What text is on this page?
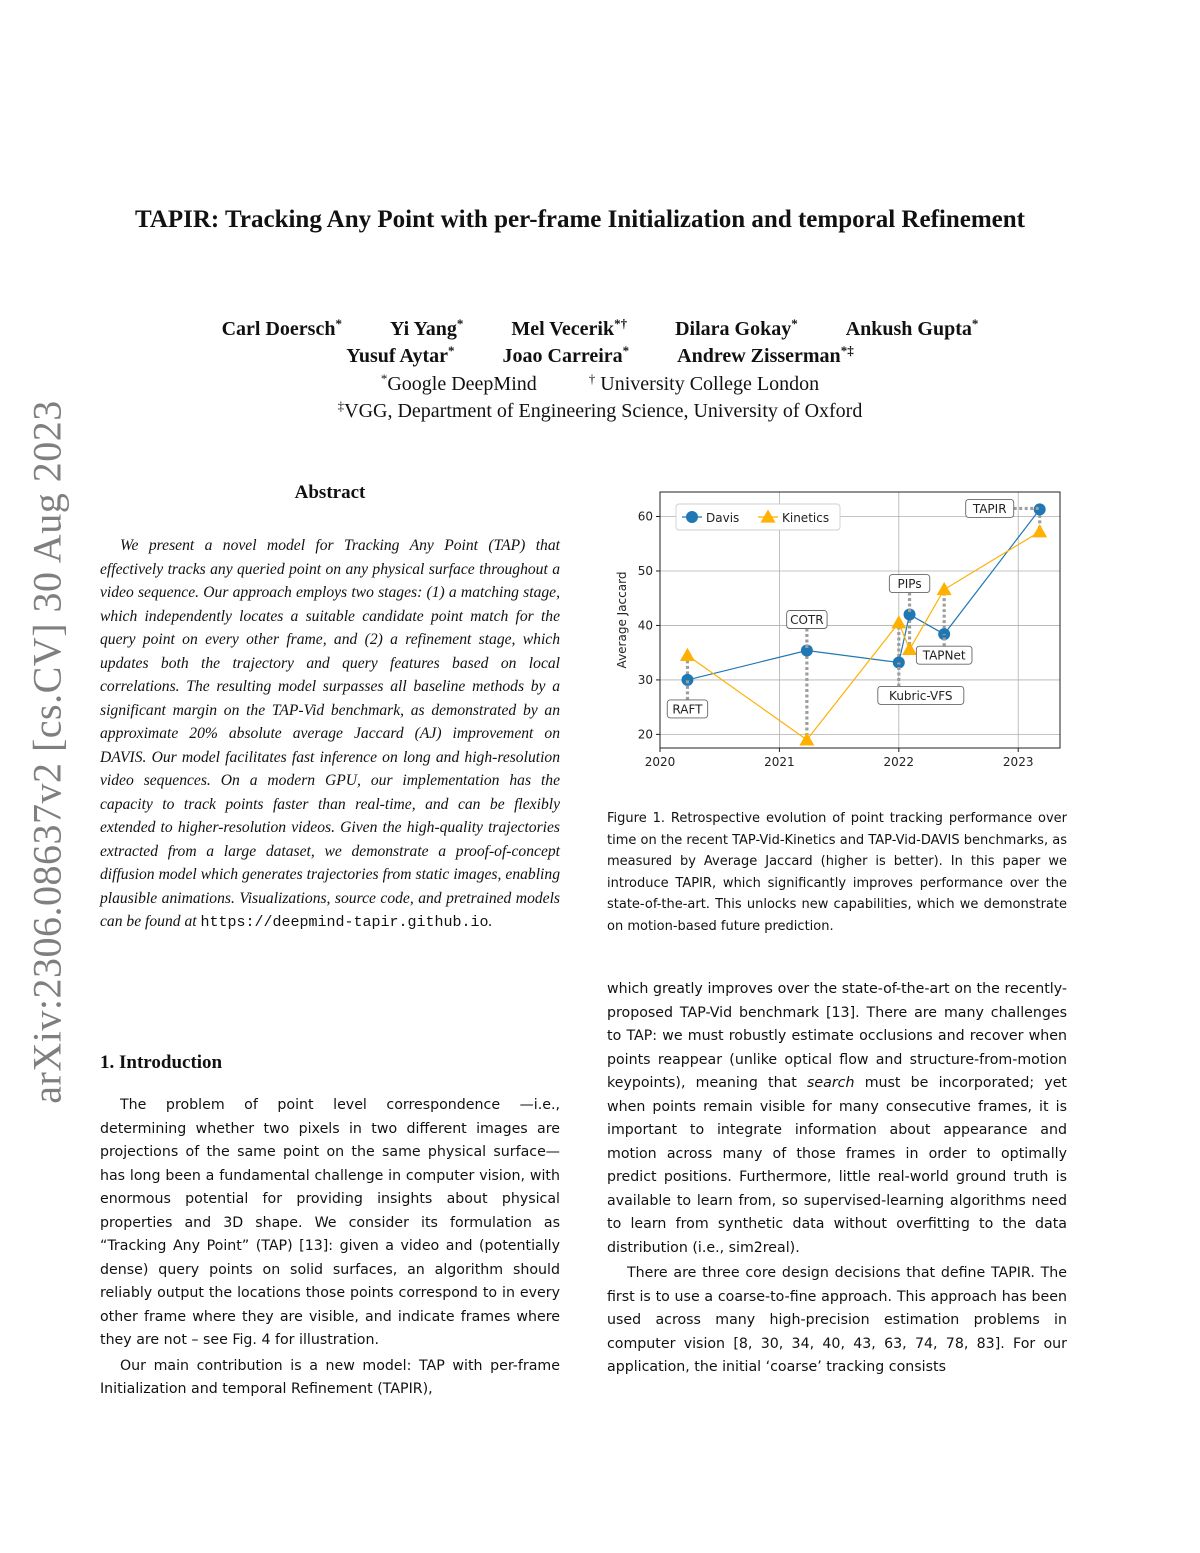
arXiv:2306.08637v2 [cs.CV] 30 Aug 2023
TAPIR: Tracking Any Point with per-frame Initialization and temporal Refinement
Carl Doersch* Yi Yang* Mel Vecerik*† Dilara Gokay* Ankush Gupta*
Yusuf Aytar* Joao Carreira* Andrew Zisserman*‡
*Google DeepMind	† University College London
‡VGG, Department of Engineering Science, University of Oxford
Abstract
We present a novel model for Tracking Any Point (TAP) that effectively tracks any queried point on any physical surface throughout a video sequence. Our approach employs two stages: (1) a matching stage, which independently locates a suitable candidate point match for the query point on every other frame, and (2) a refinement stage, which updates both the trajectory and query features based on local correlations. The resulting model surpasses all baseline methods by a significant margin on the TAP-Vid benchmark, as demonstrated by an approximate 20% absolute average Jaccard (AJ) improvement on DAVIS. Our model facilitates fast inference on long and high-resolution video sequences. On a modern GPU, our implementation has the capacity to track points faster than real-time, and can be flexibly extended to higher-resolution videos. Given the high-quality trajectories extracted from a large dataset, we demonstrate a proof-of-concept diffusion model which generates trajectories from static images, enabling plausible animations. Visualizations, source code, and pretrained models can be found at https://deepmind-tapir.github.io.
1. Introduction

The problem of point level correspondence —i.e., determining whether two pixels in two different images are projections of the same point on the same physical surface— has long been a fundamental challenge in computer vision, with enormous potential for providing insights about physical properties and 3D shape. We consider its formulation as “Tracking Any Point” (TAP) [13]: given a video and (potentially dense) query points on solid surfaces, an algorithm should reliably output the locations those points correspond to in every other frame where they are visible, and indicate frames where they are not – see Fig. 4 for illustration.

Our main contribution is a new model: TAP with per-frame Initialization and temporal Refinement (TAPIR),

2020	2021	2022	2023
20
30
40
50
60
Average Jaccard
RAFT
COTR
Kubric-VFS
PIPs
TAPNet
TAPIR
Davis	Kinetics
Figure 1. Retrospective evolution of point tracking performance over time on the recent TAP-Vid-Kinetics and TAP-Vid-DAVIS benchmarks, as measured by Average Jaccard (higher is better). In this paper we introduce TAPIR, which significantly improves performance over the state-of-the-art. This unlocks new capabilities, which we demonstrate on motion-based future prediction.

which greatly improves over the state-of-the-art on the recently-proposed TAP-Vid benchmark [13]. There are many challenges to TAP: we must robustly estimate occlusions and recover when points reappear (unlike optical flow and structure-from-motion keypoints), meaning that search must be incorporated; yet when points remain visible for many consecutive frames, it is important to integrate information about appearance and motion across many of those frames in order to optimally predict positions. Furthermore, little real-world ground truth is available to learn from, so supervised-learning algorithms need to learn from synthetic data without overfitting to the data distribution (i.e., sim2real).

There are three core design decisions that define TAPIR. The first is to use a coarse-to-fine approach. This approach has been used across many high-precision estimation problems in computer vision [8, 30, 34, 40, 43, 63, 74, 78, 83]. For our application, the initial ‘coarse’ tracking consists
